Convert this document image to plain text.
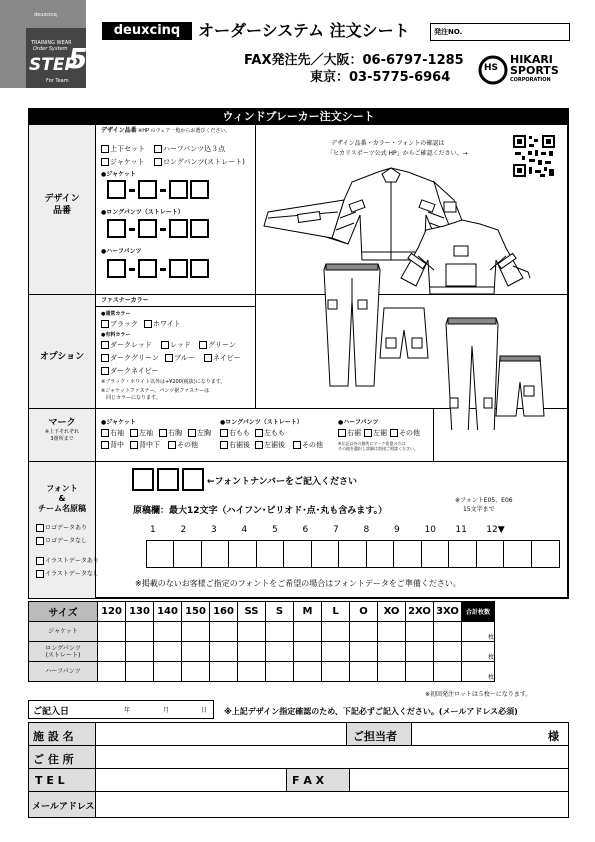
deuxcinq
TRAINING WEAR
Order System
STEP
5
For Team
deuxcinq	オーダーシステム 注文シート	発注NO.
FAX発注先／大阪：06-6797-1285
東京：03-5775-6964
HS
HIKARI
SPORTS
CORPORATION
ウィンドブレーカー注文シート
デザイン
品番
デザイン品番 ※HP のウェア一覧からお選びください。
上下セット	ハーフパンツ込３点
ジャケット	ロングパンツ(ストレート)
●ジャケット
●ロングパンツ（ストレート）
●ハーフパンツ
デザイン品番・カラー・フォントの確認は
「ヒカリスポーツ公式 HP」からご確認ください。→
オプション
ファスナーカラー
●通常カラー
ブラック	ホワイト
●有料カラー
ダークレッド	レッド	グリーン
ダークグリーン	ブルー	ネイビー
ダークネイビー
※ブラック・ホワイト以外は+¥200(税抜)になります。
※ジャケットファスナー、パンツ裾ファスナーは
　同じカラーになります。
マーク
※上下それぞれ
3箇所まで
●ジャケット
右袖	左袖	右胸	左胸
背中	背中下	その他
●ロングパンツ（ストレート）
右もも	左もも
右裾後	左裾後	その他
●ハーフパンツ
右裾	左裾	その他
※左記以外の箇所にマーク希望の方は
その他を選択し詳細は別途ご相談ください。
フォント
&
チーム名原稿
ロゴデータあり
ロゴデータなし
イラストデータあり
イラストデータなし
←フォントナンバーをご記入ください
原稿欄：最大12文字（ハイフン･ピリオド･点･丸も含みます。）
※フォントE05、E06
15文字まで
1	2	3	4	5	6	7	8	9	10	11	12▼			
※掲載のないお客様ご指定のフォントをご希望の場合はフォントデータをご準備ください。
サイズ	120	130	140	150	160	SS	S	M	L	O	XO	2XO	3XO	合計枚数
ジャケット														枚
ロングパンツ
(ストレート)														枚
ハーフパンツ														枚
※初回発注ロットは５枚〜になります。
ご記入日	年	月	日 ※上記デザイン指定確認のため、下記必ずご記入ください。(メールアドレス必須)
施 設 名	ご担当者	様
ご 住 所
T E L	F A X
メールアドレス
